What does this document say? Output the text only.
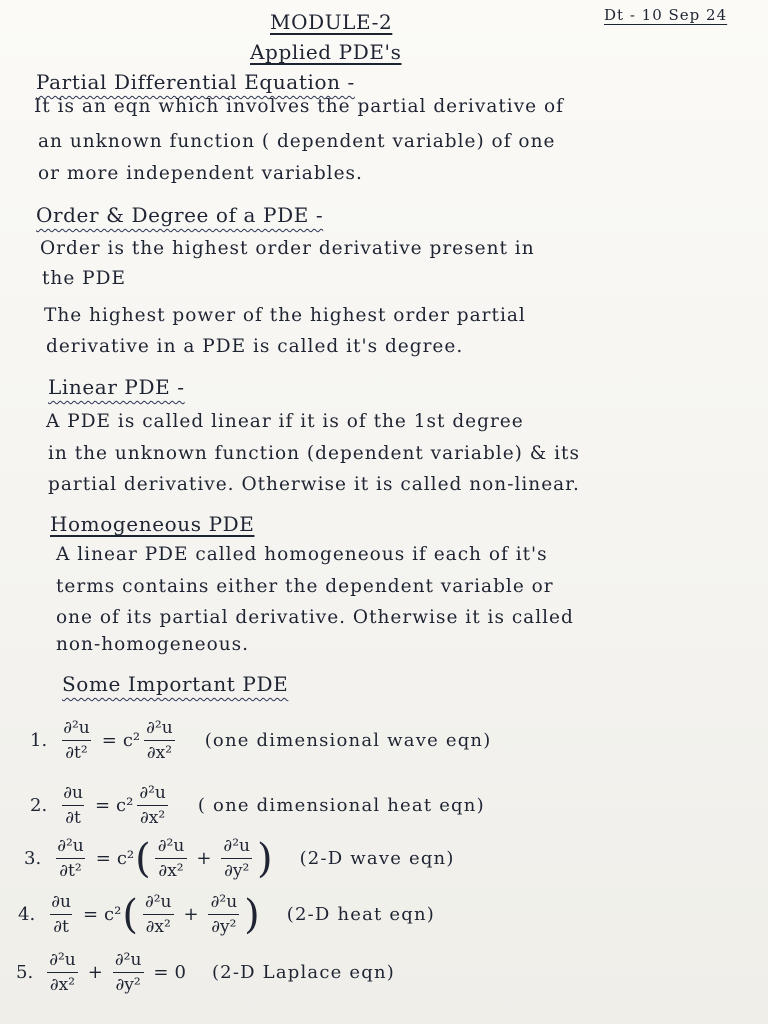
MODULE-2	Dt - 10 Sep 24
Applied PDE's
Partial Differential Equation -
It is an eqn which involves the partial derivative of
an unknown function ( dependent variable) of one
or more independent variables.
Order & Degree of a PDE -
Order is the highest order derivative present in
the PDE
The highest power of the highest order partial
derivative in a PDE is called it's degree.
Linear PDE -
A PDE is called linear if it is of the 1st degree
in the unknown function (dependent variable) & its
partial derivative. Otherwise it is called non-linear.
Homogeneous PDE
A linear PDE called homogeneous if each of it's
terms contains either the dependent variable or
one of its partial derivative. Otherwise it is called
non-homogeneous.
Some Important PDE
1. $\frac{\text{∂²u}}{\text{∂t²}} = c^2 \frac{\text{∂²u}}{\text{∂x²}} (one$ dimensional wave eqn)
2. $\frac{\partial u}{\partial t} = c^2 \frac{\text{∂²u}}{\text{∂x²}}$ ( one dimensional heat eqn)
3. $\frac{\text{∂²u}}{\text{∂t²}} = c^2$ ( $\frac{\text{∂²u}}{\text{∂x²}} + \frac{\text{∂²u}}{\text{∂y²}}$ ) (2-D wave eqn)
4. $\frac{\partial u}{\partial t} = c^2$ ( $\frac{\text{∂²u}}{\text{∂x²}} + \frac{\text{∂²u}}{\text{∂y²}}$ ) (2-D heat eqn)
5. $\frac{\text{∂²u}}{\text{∂x²}} + \frac{\text{∂²u}}{\text{∂y²}} = 0$ (2-D Laplace eqn)
